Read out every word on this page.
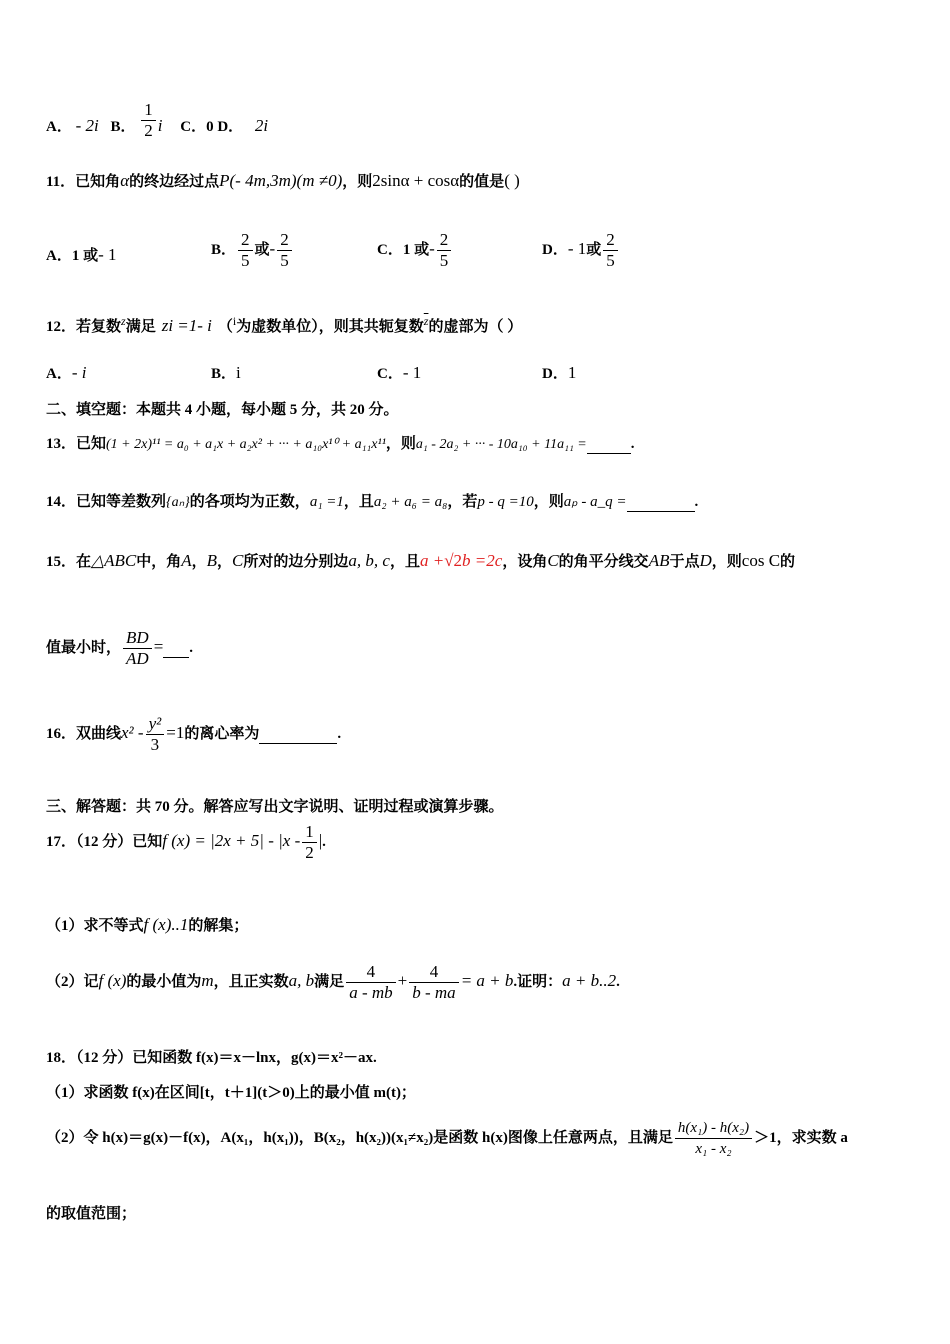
A． - 2i B． $\frac{1}{2}$ i C．0 D． 2i
11．已知角α的终边经过点P(- 4m,3m)(m ≠0)，则2sinα + cosα的值是( )
A．1 或- 1	B． $\frac{2}{5}$ 或- $\frac{2}{5}$	C．1 或- $\frac{2}{5}$	D．- 1或 $\frac{2}{5}$
12．若复数$^z$满足 zi =1- i （$^i$为虚数单位），则其共轭复数$^{\overline{z}}$的虚部为（ ）
A．- i	B．i	C．- 1	D．1
二、填空题：本题共 4 小题，每小题 5 分，共 20 分。
13．已知(1 + 2x)¹¹ = a₀ + a₁x + a₂x² + ··· + a₁₀x¹⁰ + a₁₁x¹¹，则a₁ - 2a₂ + ··· - 10a₁₀ + 11a₁₁ =	.
14．已知等差数列{aₙ}的各项均为正数，a₁ =1，且a₂ + a₆ = a₈，若p - q =10，则aₚ - a_q =	.
15．在△ABC中，角A，B，C所对的边分别边a, b, c，且a +√2b =2c，设角C的角平分线交AB于点D，则cos C的
值最小时， $\frac{BD}{AD}$ = .
16．双曲线$x^2 - \frac{\text{y²}}{3} =1$的离心率为	.
三、解答题：共 70 分。解答应写出文字说明、证明过程或演算步骤。
17．（12 分）已知f $(x) = |2x + 5| - |x - \frac{1}{2}$ |.
（1）求不等式f (x)..1的解集；
（2）记f (x)的最小值为m，且正实数a, b满足 $\frac{4}{a - mb} + \frac{4}{b - ma} = a + b$.证明：a + b..2.
18．（12 分）已知函数 f(x)＝x－lnx，g(x)＝x²－ax.
（1）求函数 f(x)在区间[t，t＋1](t＞0)上的最小值 m(t)；
（2）令 h(x)＝g(x)－f(x)，A(x₁，h(x₁))，B(x₂，h(x₂))(x₁≠x₂)是函数 h(x)图像上任意两点，且满足 $\frac{\text{h(x₁) - h(x₂)}}{\text{x₁ - x₂}} >1$，求实数 a
的取值范围；
